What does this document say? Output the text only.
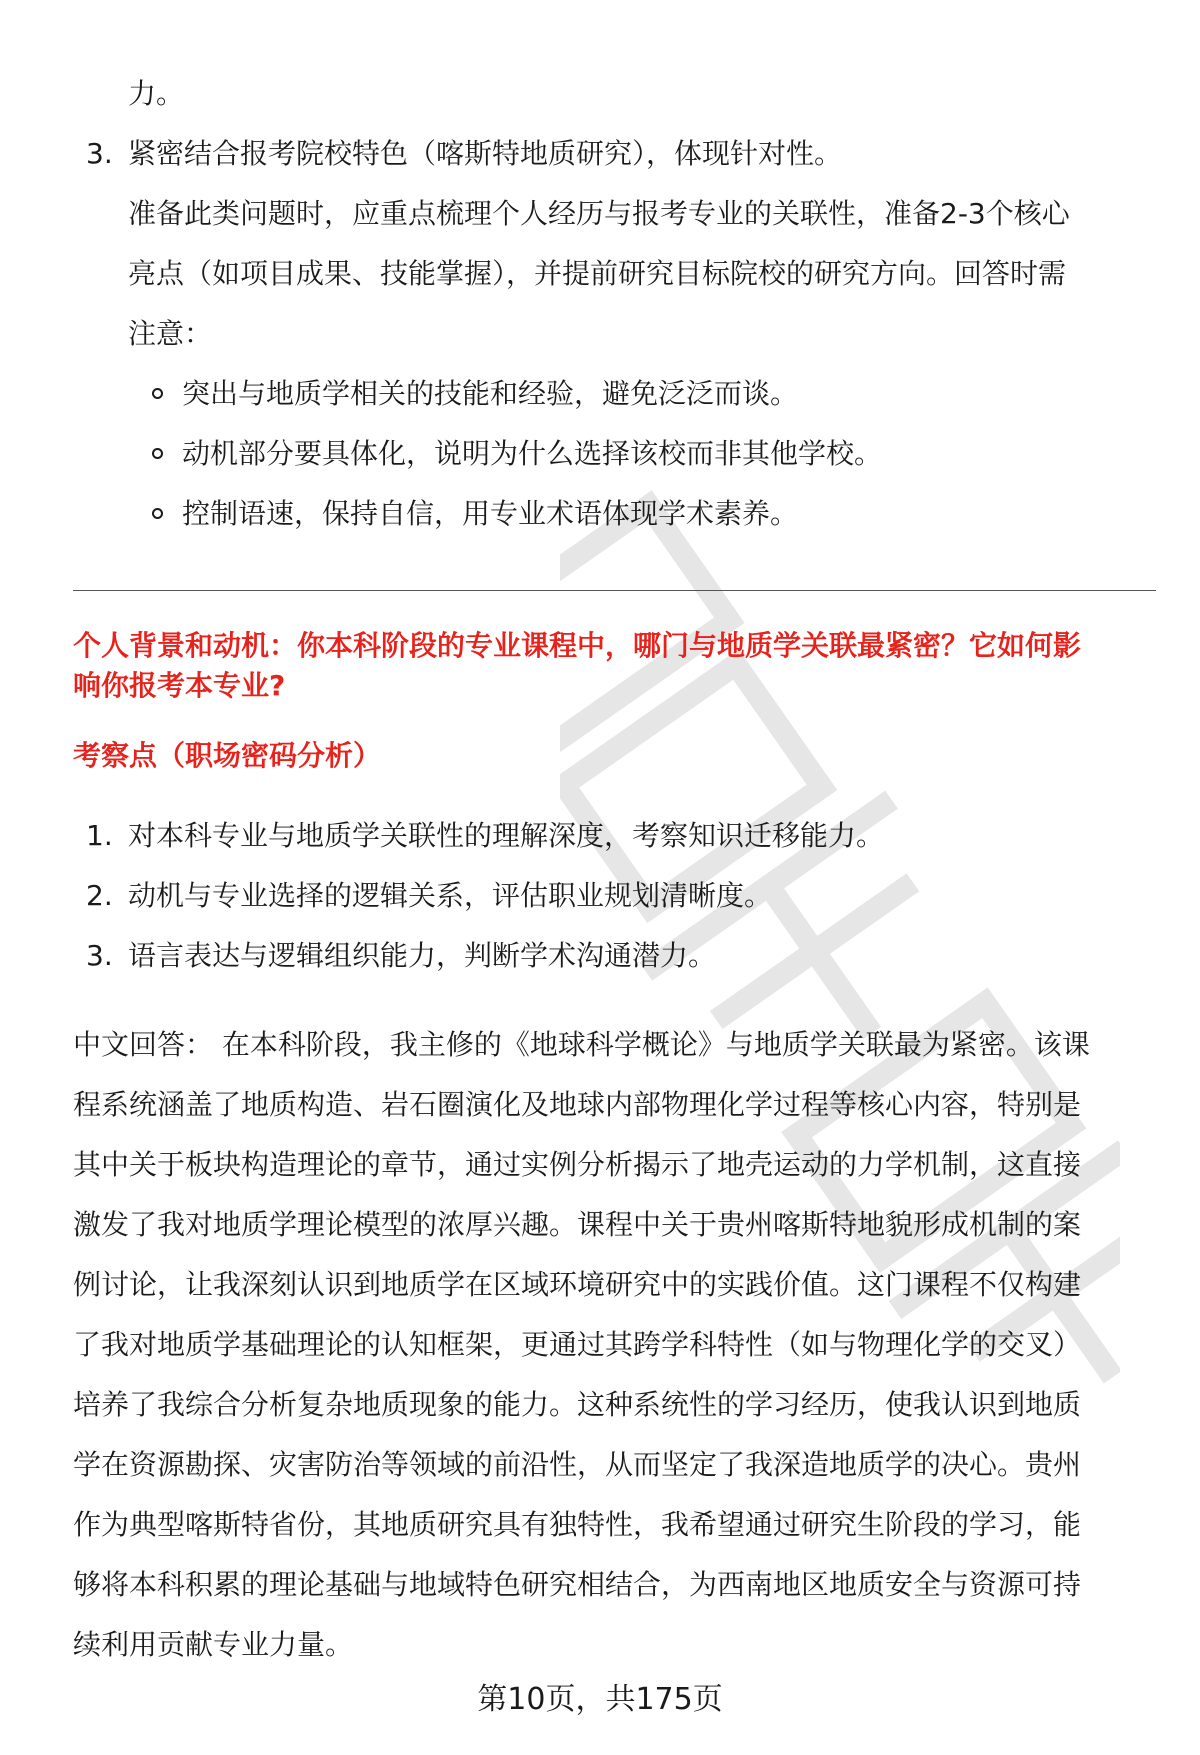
力。
3. 紧密结合报考院校特色（喀斯特地质研究），体现针对性。
准备此类问题时，应重点梳理个人经历与报考专业的关联性，准备2-3个核心
亮点（如项目成果、技能掌握），并提前研究目标院校的研究方向。回答时需
注意：
突出与地质学相关的技能和经验，避免泛泛而谈。
动机部分要具体化，说明为什么选择该校而非其他学校。
控制语速，保持自信，用专业术语体现学术素养。
个人背景和动机：你本科阶段的专业课程中，哪门与地质学关联最紧密？它如何影
响你报考本专业?
考察点（职场密码分析）
1. 对本科专业与地质学关联性的理解深度，考察知识迁移能力。
2. 动机与专业选择的逻辑关系，评估职业规划清晰度。
3. 语言表达与逻辑组织能力，判断学术沟通潜力。
中文回答： 在本科阶段，我主修的《地球科学概论》与地质学关联最为紧密。该课
程系统涵盖了地质构造、岩石圈演化及地球内部物理化学过程等核心内容，特别是
其中关于板块构造理论的章节，通过实例分析揭示了地壳运动的力学机制，这直接
激发了我对地质学理论模型的浓厚兴趣。课程中关于贵州喀斯特地貌形成机制的案
例讨论，让我深刻认识到地质学在区域环境研究中的实践价值。这门课程不仅构建
了我对地质学基础理论的认知框架，更通过其跨学科特性（如与物理化学的交叉）
培养了我综合分析复杂地质现象的能力。这种系统性的学习经历，使我认识到地质
学在资源勘探、灾害防治等领域的前沿性，从而坚定了我深造地质学的决心。贵州
作为典型喀斯特省份，其地质研究具有独特性，我希望通过研究生阶段的学习，能
够将本科积累的理论基础与地域特色研究相结合，为西南地区地质安全与资源可持
续利用贡献专业力量。
第10页，共175页
